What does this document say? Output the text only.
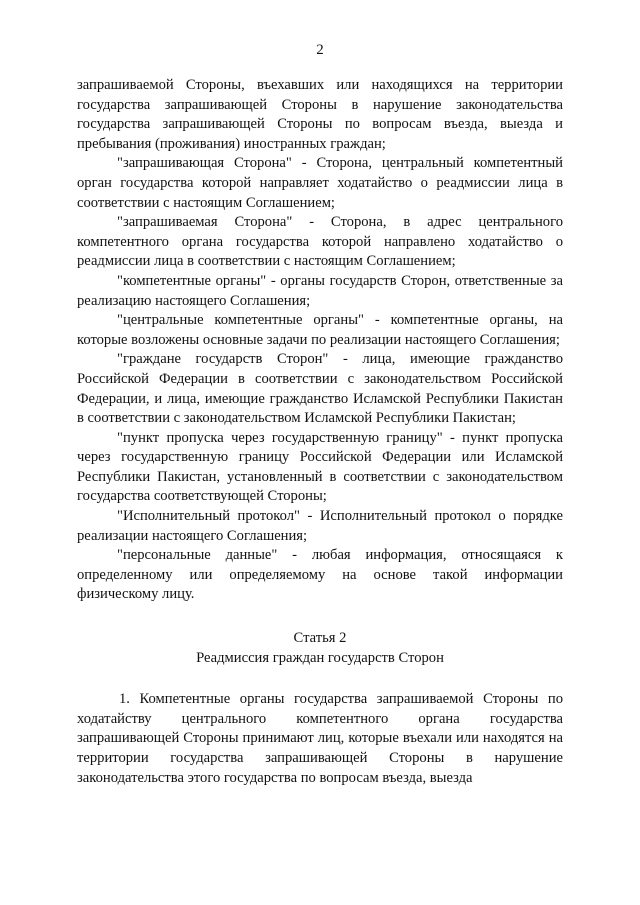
2

запрашиваемой Стороны, въехавших или находящихся на территории государства запрашивающей Стороны в нарушение законодательства государства запрашивающей Стороны по вопросам въезда, выезда и пребывания (проживания) иностранных граждан;

"запрашивающая Сторона" - Сторона, центральный компетентный орган государства которой направляет ходатайство о реадмиссии лица в соответствии с настоящим Соглашением;

"запрашиваемая Сторона" - Сторона, в адрес центрального компетентного органа государства которой направлено ходатайство о реадмиссии лица в соответствии с настоящим Соглашением;

"компетентные органы" - органы государств Сторон, ответственные за реализацию настоящего Соглашения;

"центральные компетентные органы" - компетентные органы, на которые возложены основные задачи по реализации настоящего Соглашения;

"граждане государств Сторон" - лица, имеющие гражданство Российской Федерации в соответствии с законодательством Российской Федерации, и лица, имеющие гражданство Исламской Республики Пакистан в соответствии с законодательством Исламской Республики Пакистан;

"пункт пропуска через государственную границу" - пункт пропуска через государственную границу Российской Федерации или Исламской Республики Пакистан, установленный в соответствии с законодательством государства соответствующей Стороны;

"Исполнительный протокол" - Исполнительный протокол о порядке реализации настоящего Соглашения;

"персональные данные" - любая информация, относящаяся к определенному или определяемому на основе такой информации физическому лицу.

Статья 2

Реадмиссия граждан государств Сторон

1. Компетентные органы государства запрашиваемой Стороны по ходатайству центрального компетентного органа государства запрашивающей Стороны принимают лиц, которые въехали или находятся на территории государства запрашивающей Стороны в нарушение законодательства этого государства по вопросам въезда, выезда
